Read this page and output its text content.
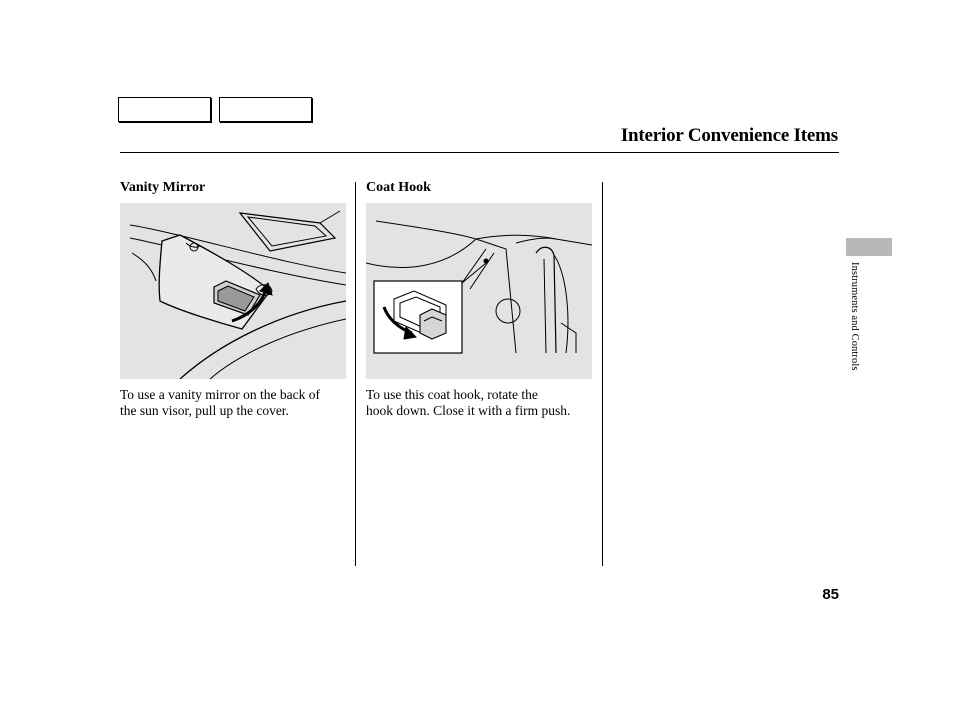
Interior Convenience Items
Vanity Mirror
To use a vanity mirror on the back of
the sun visor, pull up the cover.
Coat Hook
To use this coat hook, rotate the
hook down. Close it with a firm push.
Instruments and Controls
85
